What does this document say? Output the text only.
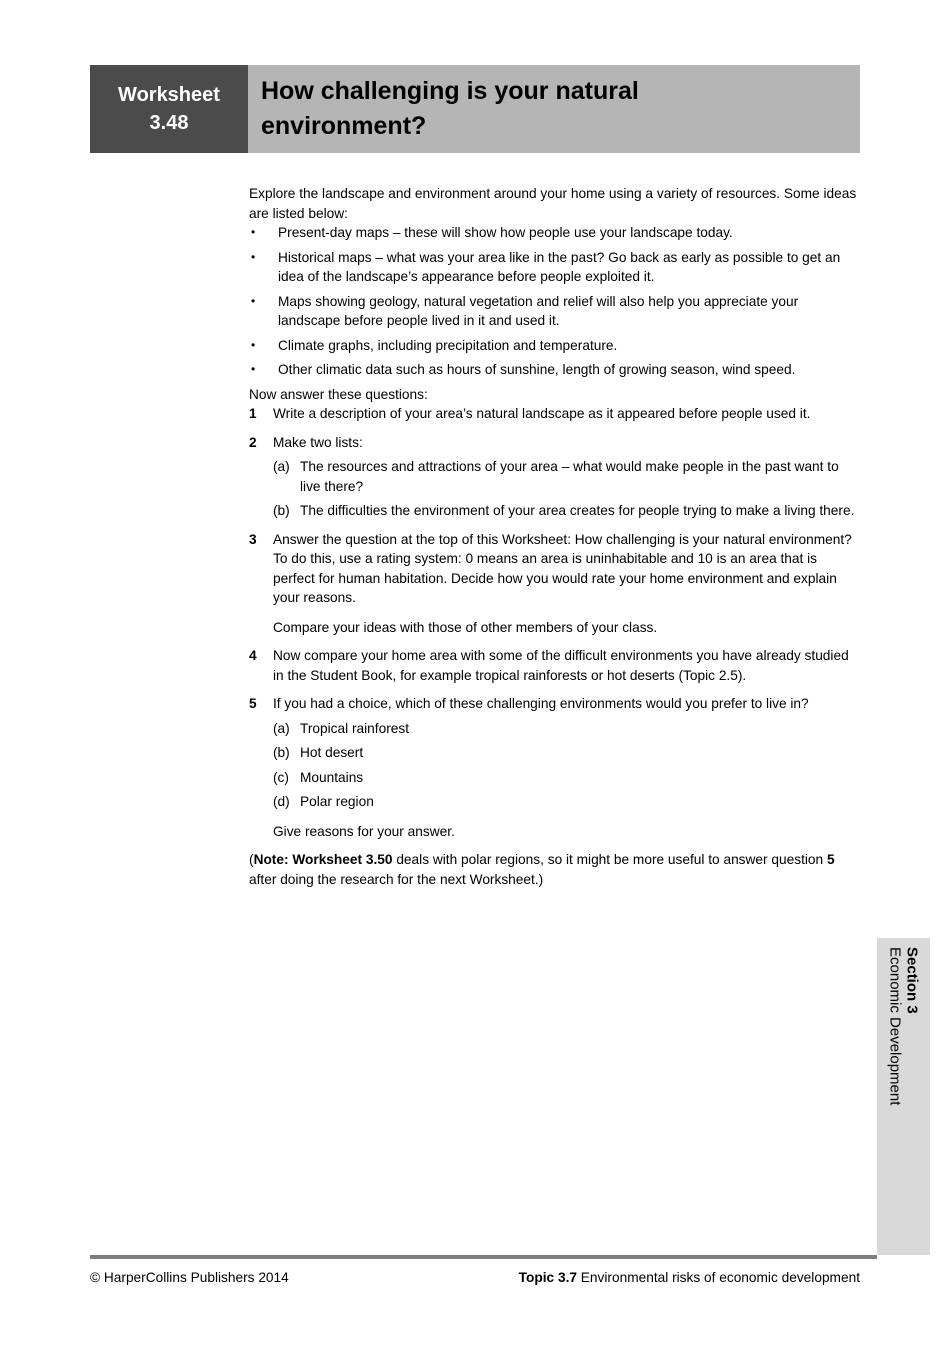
Worksheet
3.48
How challenging is your natural environment?

Explore the landscape and environment around your home using a variety of resources. Some ideas are listed below:

• Present-day maps – these will show how people use your landscape today.
• Historical maps – what was your area like in the past? Go back as early as possible to get an idea of the landscape’s appearance before people exploited it.
• Maps showing geology, natural vegetation and relief will also help you appreciate your landscape before people lived in it and used it.
• Climate graphs, including precipitation and temperature.
• Other climatic data such as hours of sunshine, length of growing season, wind speed.

Now answer these questions:

1 Write a description of your area’s natural landscape as it appeared before people used it.

2 Make two lists:

(a) The resources and attractions of your area – what would make people in the past want to live there?
(b) The difficulties the environment of your area creates for people trying to make a living there.
3 Answer the question at the top of this Worksheet: How challenging is your natural environment? To do this, use a rating system: 0 means an area is uninhabitable and 10 is an area that is perfect for human habitation. Decide how you would rate your home environment and explain your reasons.

Compare your ideas with those of other members of your class.

4 Now compare your home area with some of the difficult environments you have already studied in the Student Book, for example tropical rainforests or hot deserts (Topic 2.5).

5 If you had a choice, which of these challenging environments would you prefer to live in?

(a) Tropical rainforest
(b) Hot desert
(c) Mountains
(d) Polar region

Give reasons for your answer.

(Note: Worksheet 3.50 deals with polar regions, so it might be more useful to answer question 5 after doing the research for the next Worksheet.)

Section 3
Economic Development
© HarperCollins Publishers 2014	Topic 3.7 Environmental risks of economic development
